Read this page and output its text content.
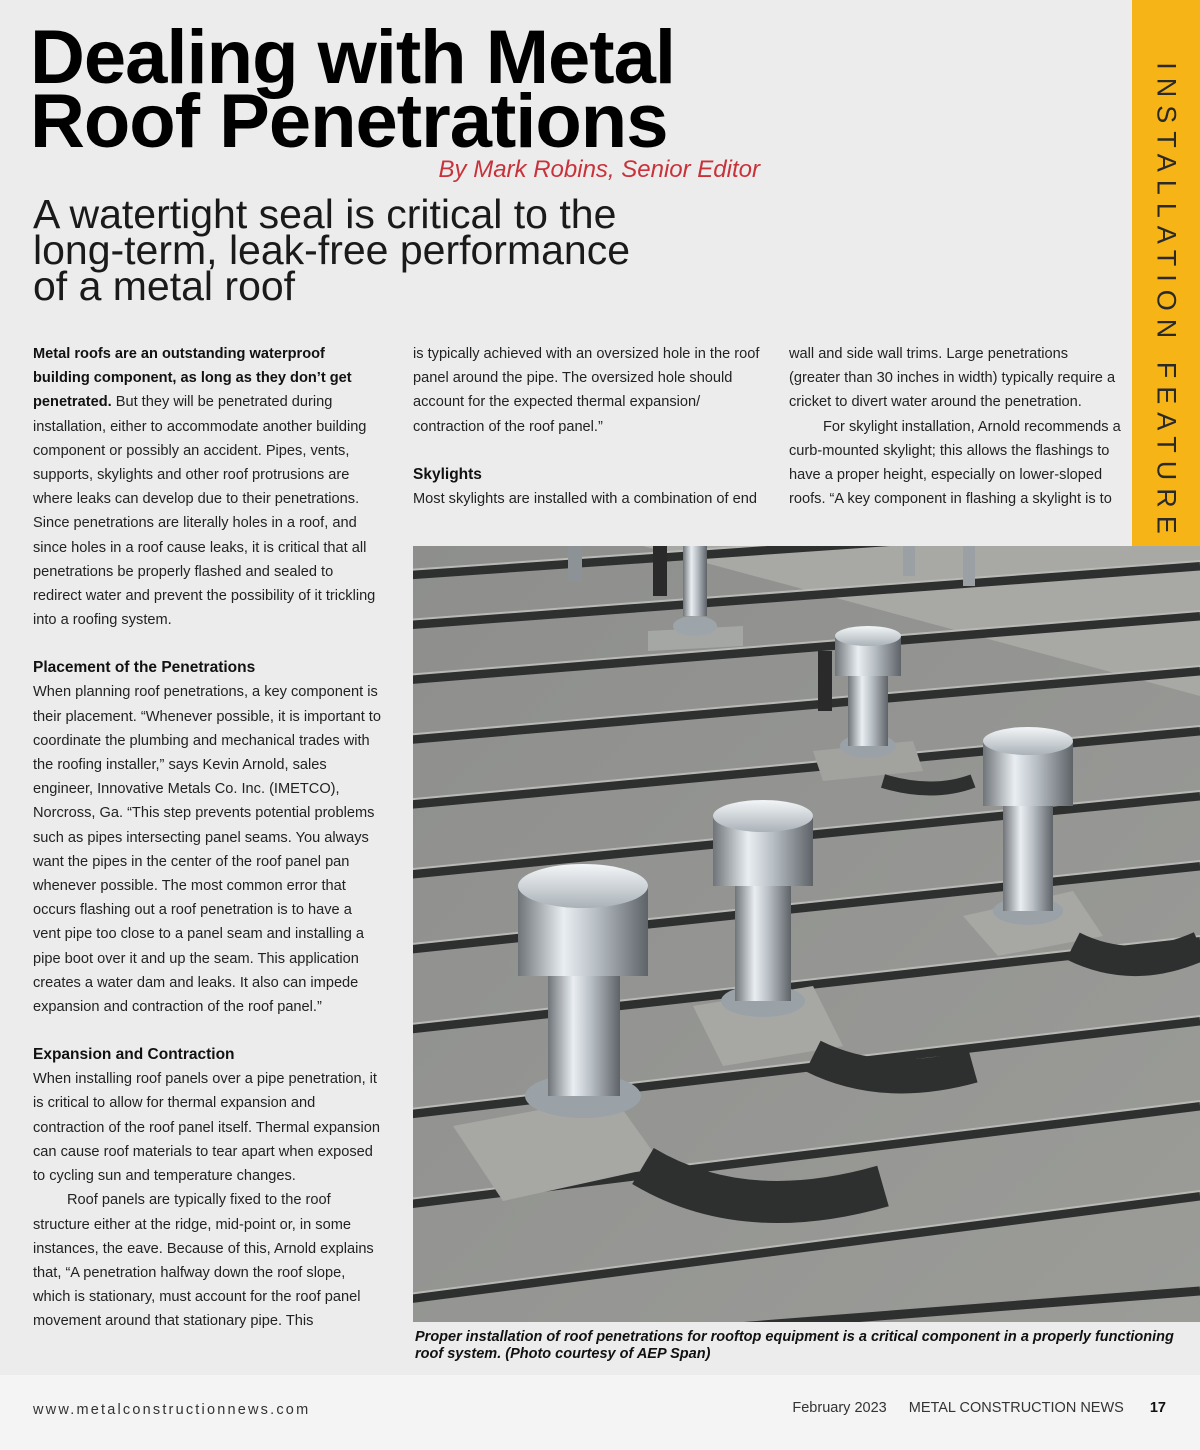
Dealing with Metal
Roof Penetrations
By Mark Robins, Senior Editor
A watertight seal is critical to the
long-term, leak-free performance
of a metal roof	INSTALLATION FEATURE

Metal roofs are an outstanding waterproof building component, as long as they don’t get penetrated. But they will be penetrated during installation, either to accommodate another building component or possibly an accident. Pipes, vents, supports, skylights and other roof protrusions are where leaks can develop due to their penetrations. Since penetrations are literally holes in a roof, and since holes in a roof cause leaks, it is critical that all penetrations be properly flashed and sealed to redirect water and prevent the possibility of it trickling into a roofing system.

Placement of the Penetrations

When planning roof penetrations, a key component is their placement. “Whenever possible, it is important to coordinate the plumbing and mechanical trades with the roofing installer,” says Kevin Arnold, sales engineer, Innovative Metals Co. Inc. (IMETCO), Norcross, Ga. “This step prevents potential problems such as pipes intersecting panel seams. You always want the pipes in the center of the roof panel pan whenever possible. The most common error that occurs flashing out a roof penetration is to have a vent pipe too close to a panel seam and installing a pipe boot over it and up the seam. This application creates a water dam and leaks. It also can impede expansion and contraction of the roof panel.”

Expansion and Contraction

When installing roof panels over a pipe penetration, it is critical to allow for thermal expansion and contraction of the roof panel itself. Thermal expansion can cause roof materials to tear apart when exposed to cycling sun and temperature changes.

Roof panels are typically fixed to the roof structure either at the ridge, mid-point or, in some instances, the eave. Because of this, Arnold explains that, “A penetration halfway down the roof slope, which is stationary, must account for the roof panel movement around that stationary pipe. This

is typically achieved with an oversized hole in the roof panel around the pipe. The oversized hole should account for the expected thermal expansion/ contraction of the roof panel.”

Skylights

Most skylights are installed with a combination of end

wall and side wall trims. Large penetrations (greater than 30 inches in width) typically require a cricket to divert water around the penetration.

For skylight installation, Arnold recommends a curb-mounted skylight; this allows the flashings to have a proper height, especially on lower-sloped roofs. “A key component in flashing a skylight is to

Proper installation of roof penetrations for rooftop equipment is a critical component in a properly functioning roof system. (Photo courtesy of AEP Span)

www.metalconstructionnews.com	February 2023 METAL CONSTRUCTION NEWS 17
